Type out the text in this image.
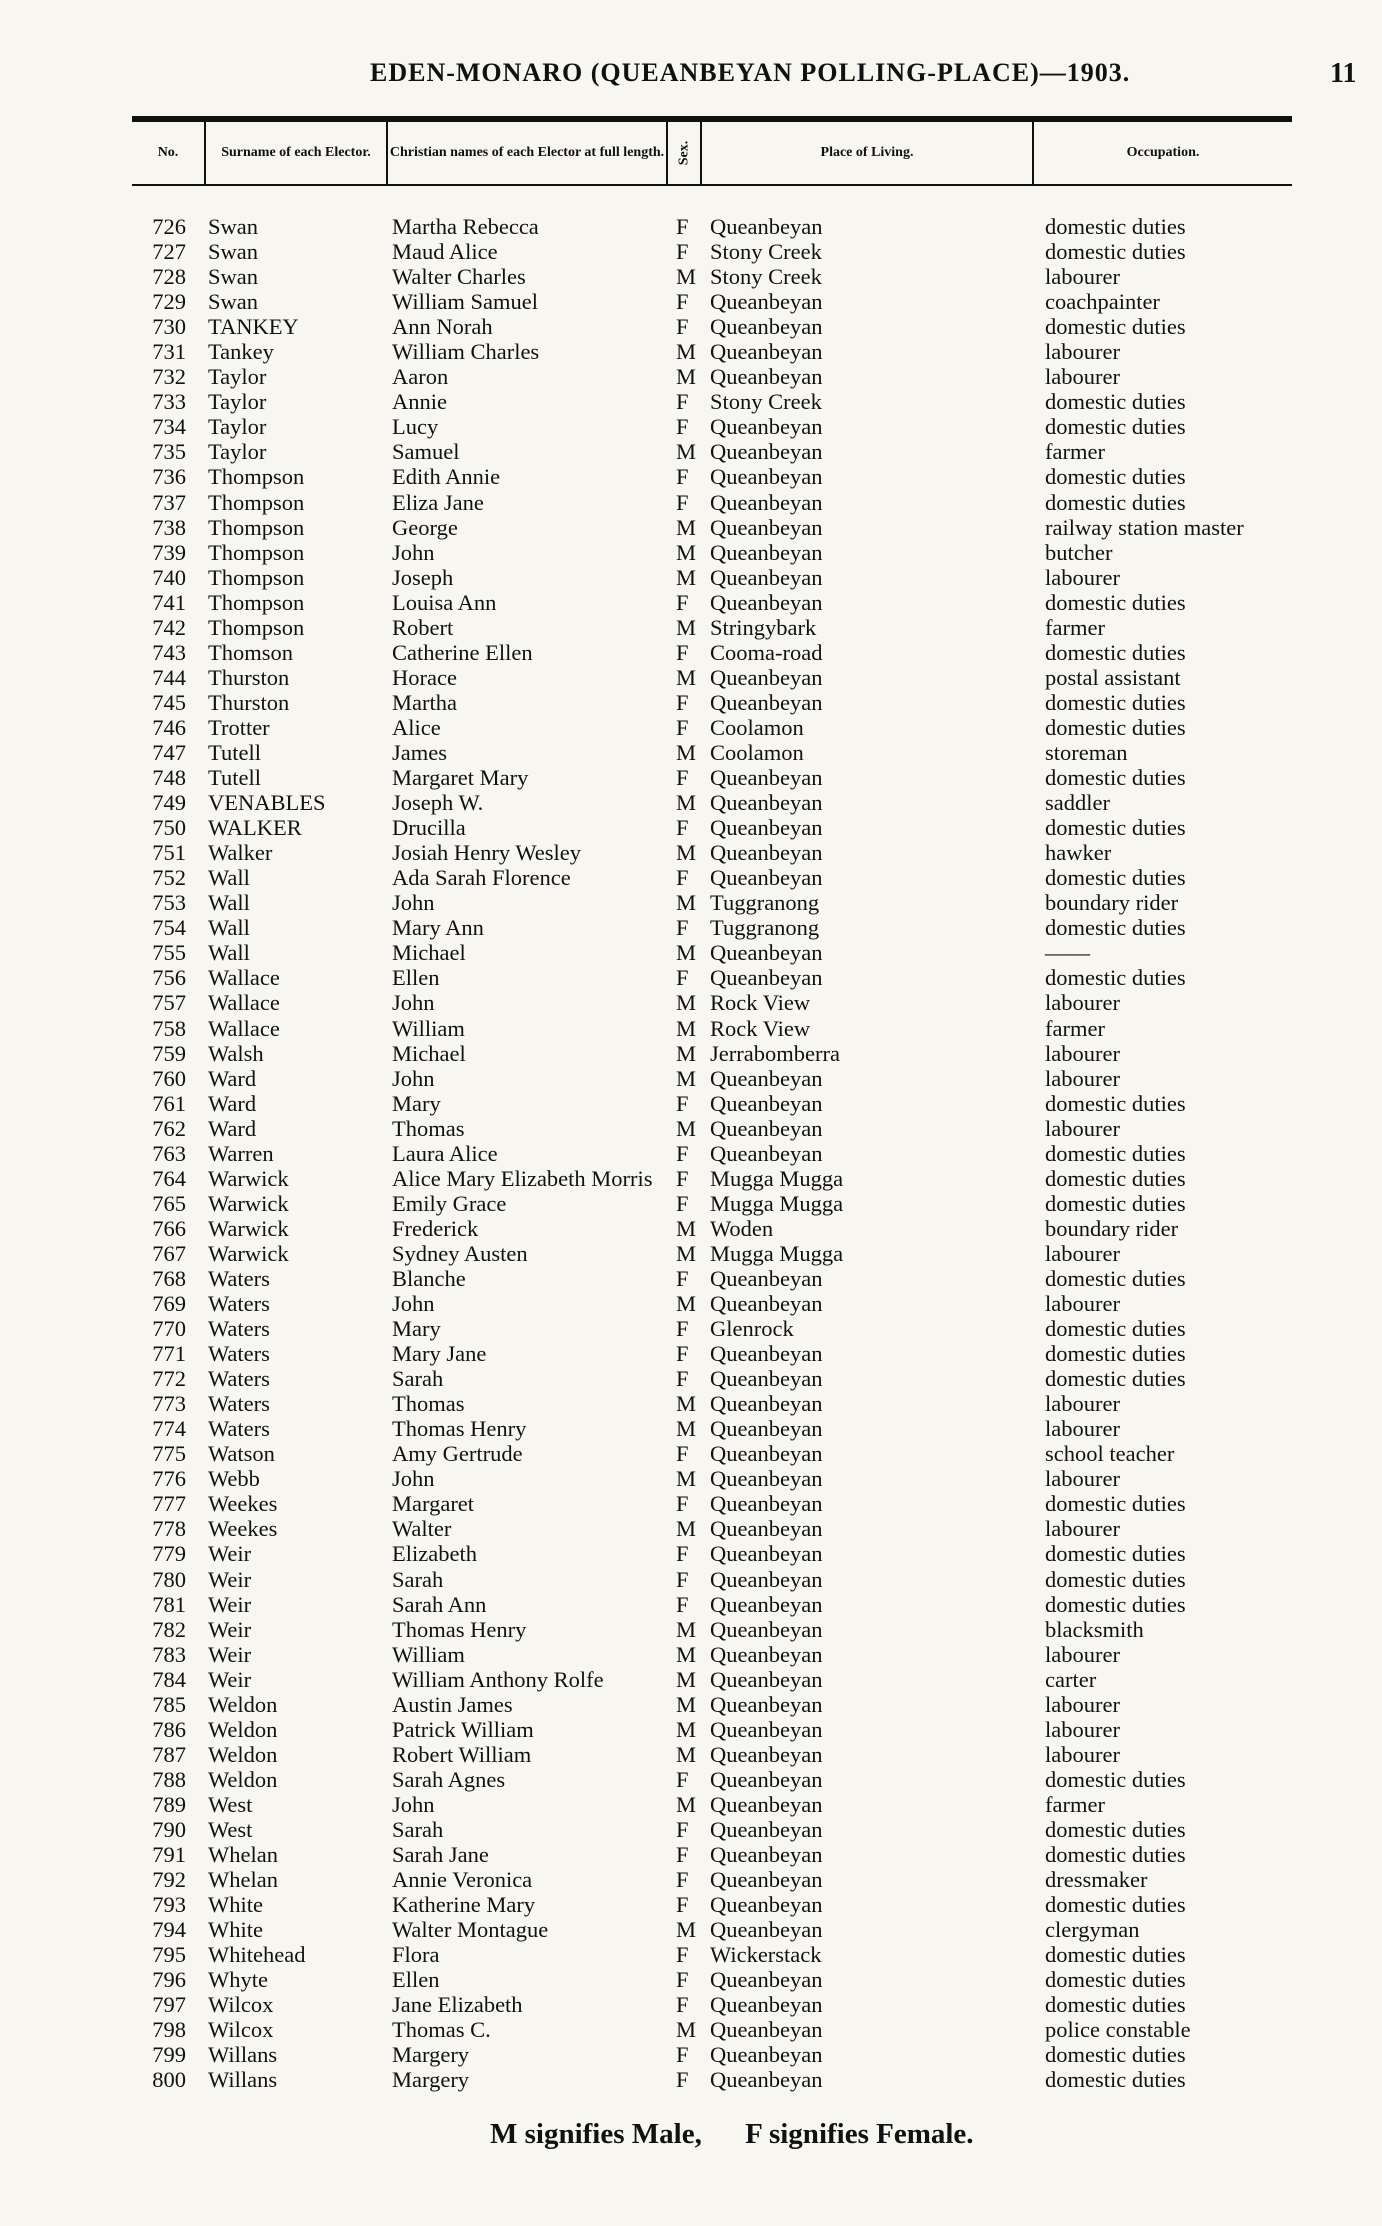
EDEN-MONARO (QUEANBEYAN POLLING-PLACE)—1903.	11
No.	Surname of each Elector.	Christian names of each Elector at full length. Sex.	Place of Living.	Occupation.
726 Swan	Martha Rebecca	F Queanbeyan	domestic duties
727 Swan	Maud Alice	F Stony Creek	domestic duties
728 Swan	Walter Charles	M Stony Creek	labourer
729 Swan	William Samuel	F Queanbeyan	coachpainter
730 TANKEY	Ann Norah	F Queanbeyan	domestic duties
731 Tankey	William Charles	M Queanbeyan	labourer
732 Taylor	Aaron	M Queanbeyan	labourer
733 Taylor	Annie	F Stony Creek	domestic duties
734 Taylor	Lucy	F Queanbeyan	domestic duties
735 Taylor	Samuel	M Queanbeyan	farmer
736 Thompson	Edith Annie	F Queanbeyan	domestic duties
737 Thompson	Eliza Jane	F Queanbeyan	domestic duties
738 Thompson	George	M Queanbeyan	railway station master
739 Thompson	John	M Queanbeyan	butcher
740 Thompson	Joseph	M Queanbeyan	labourer
741 Thompson	Louisa Ann	F Queanbeyan	domestic duties
742 Thompson	Robert	M Stringybark	farmer
743 Thomson	Catherine Ellen	F Cooma-road	domestic duties
744 Thurston	Horace	M Queanbeyan	postal assistant
745 Thurston	Martha	F Queanbeyan	domestic duties
746 Trotter	Alice	F Coolamon	domestic duties
747 Tutell	James	M Coolamon	storeman
748 Tutell	Margaret Mary	F Queanbeyan	domestic duties
749 VENABLES	Joseph W.	M Queanbeyan	saddler
750 WALKER	Drucilla	F Queanbeyan	domestic duties
751 Walker	Josiah Henry Wesley	M Queanbeyan	hawker
752 Wall	Ada Sarah Florence	F Queanbeyan	domestic duties
753 Wall	John	M Tuggranong	boundary rider
754 Wall	Mary Ann	F Tuggranong	domestic duties
755 Wall	Michael	M Queanbeyan	——
756 Wallace	Ellen	F Queanbeyan	domestic duties
757 Wallace	John	M Rock View	labourer
758 Wallace	William	M Rock View	farmer
759 Walsh	Michael	M Jerrabomberra	labourer
760 Ward	John	M Queanbeyan	labourer
761 Ward	Mary	F Queanbeyan	domestic duties
762 Ward	Thomas	M Queanbeyan	labourer
763 Warren	Laura Alice	F Queanbeyan	domestic duties
764 Warwick	Alice Mary Elizabeth Morris F Mugga Mugga	domestic duties
765 Warwick	Emily Grace	F Mugga Mugga	domestic duties
766 Warwick	Frederick	M Woden	boundary rider
767 Warwick	Sydney Austen	M Mugga Mugga	labourer
768 Waters	Blanche	F Queanbeyan	domestic duties
769 Waters	John	M Queanbeyan	labourer
770 Waters	Mary	F Glenrock	domestic duties
771 Waters	Mary Jane	F Queanbeyan	domestic duties
772 Waters	Sarah	F Queanbeyan	domestic duties
773 Waters	Thomas	M Queanbeyan	labourer
774 Waters	Thomas Henry	M Queanbeyan	labourer
775 Watson	Amy Gertrude	F Queanbeyan	school teacher
776 Webb	John	M Queanbeyan	labourer
777 Weekes	Margaret	F Queanbeyan	domestic duties
778 Weekes	Walter	M Queanbeyan	labourer
779 Weir	Elizabeth	F Queanbeyan	domestic duties
780 Weir	Sarah	F Queanbeyan	domestic duties
781 Weir	Sarah Ann	F Queanbeyan	domestic duties
782 Weir	Thomas Henry	M Queanbeyan	blacksmith
783 Weir	William	M Queanbeyan	labourer
784 Weir	William Anthony Rolfe	M Queanbeyan	carter
785 Weldon	Austin James	M Queanbeyan	labourer
786 Weldon	Patrick William	M Queanbeyan	labourer
787 Weldon	Robert William	M Queanbeyan	labourer
788 Weldon	Sarah Agnes	F Queanbeyan	domestic duties
789 West	John	M Queanbeyan	farmer
790 West	Sarah	F Queanbeyan	domestic duties
791 Whelan	Sarah Jane	F Queanbeyan	domestic duties
792 Whelan	Annie Veronica	F Queanbeyan	dressmaker
793 White	Katherine Mary	F Queanbeyan	domestic duties
794 White	Walter Montague	M Queanbeyan	clergyman
795 Whitehead	Flora	F Wickerstack	domestic duties
796 Whyte	Ellen	F Queanbeyan	domestic duties
797 Wilcox	Jane Elizabeth	F Queanbeyan	domestic duties
798 Wilcox	Thomas C.	M Queanbeyan	police constable
799 Willans	Margery	F Queanbeyan	domestic duties
800 Willans	Margery	F Queanbeyan	domestic duties
M signifies Male, F signifies Female.
